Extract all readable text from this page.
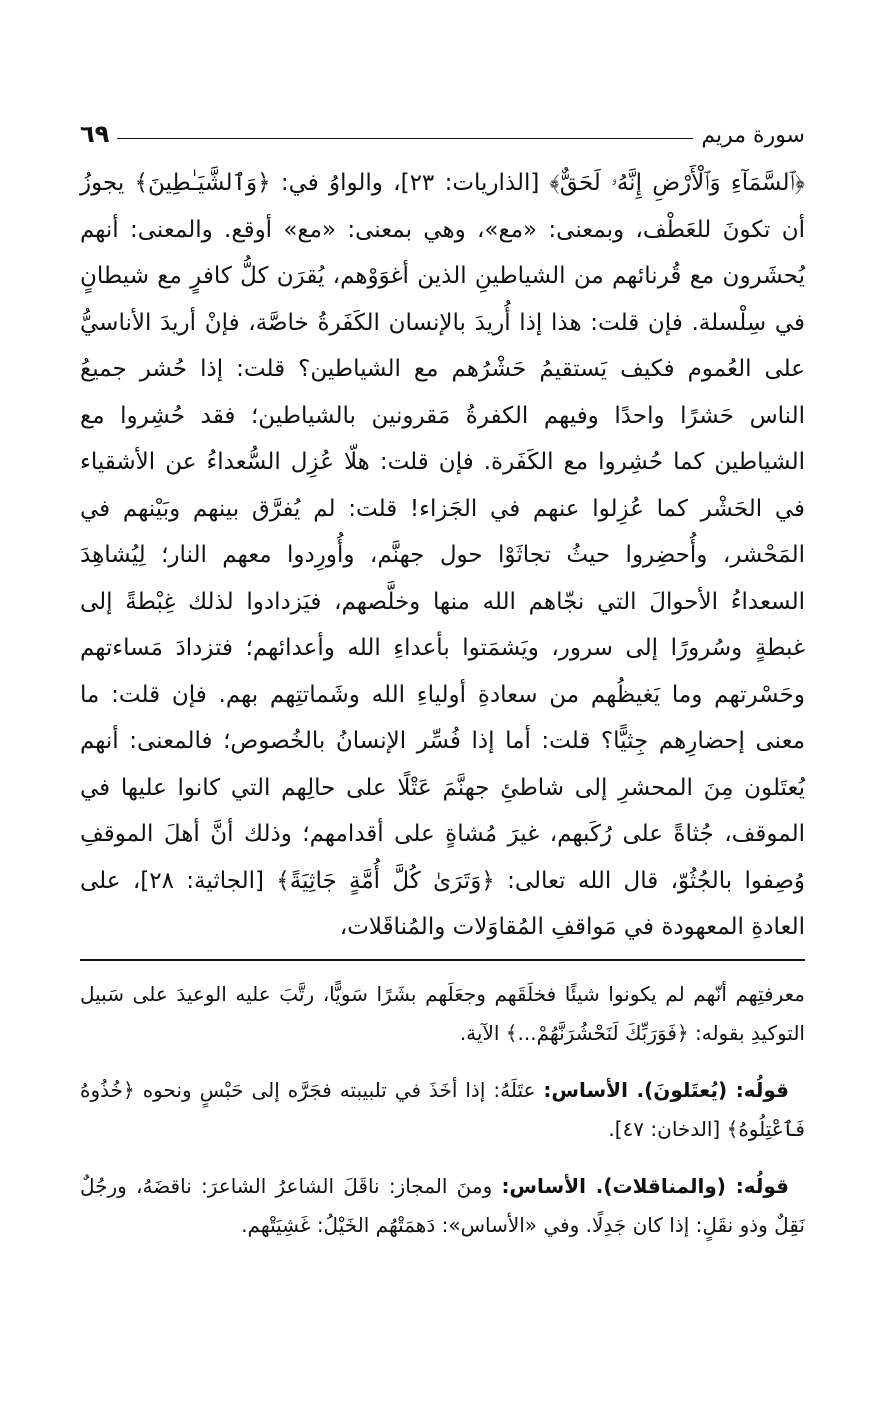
سورة مريم
٦٩
﴿ٱلسَّمَآءِ وَٱلْأَرْضِ إِنَّهُۥ لَحَقٌّ﴾ [الذاريات: ٢٣]، والواوُ في: ﴿وَٱلشَّيَـٰطِينَ﴾ يجوزُ أن تكونَ للعَطْف، وبمعنى: «مع»، وهي بمعنى: «مع» أوقع. والمعنى: أنهم يُحشَرون مع قُرنائهم من الشياطينِ الذين أغوَوْهم، يُقرَن كلُّ كافرٍ مع شيطانٍ في سِلْسلة. فإن قلت: هذا إذا أُريدَ بالإنسان الكَفَرةُ خاصَّة، فإنْ أريدَ الأناسيُّ على العُموم فكيف يَستقيمُ حَشْرُهم مع الشياطين؟ قلت: إذا حُشر جميعُ الناس حَشرًا واحدًا وفيهم الكفرةُ مَقرونين بالشياطين؛ فقد حُشِروا مع الشياطين كما حُشِروا مع الكَفَرة. فإن قلت: هلّا عُزِل السُّعداءُ عن الأشقياء في الحَشْر كما عُزِلوا عنهم في الجَزاء! قلت: لم يُفرَّق بينهم وبَيْنهم في المَحْشر، وأُحضِروا حيثُ تجاثَوْا حول جهنَّم، وأُورِدوا معهم النار؛ لِيُشاهِدَ السعداءُ الأحوالَ التي نجّاهم الله منها وخلَّصهم، فيَزدادوا لذلك غِبْطةً إلى غبطةٍ وسُرورًا إلى سرور، ويَشمَتوا بأعداءِ الله وأعدائهم؛ فتزدادَ مَساءتهم وحَسْرتهم وما يَغيظُهم من سعادةِ أولياءِ الله وشَماتتِهم بهم. فإن قلت: ما معنى إحضارِهم جِثيًّا؟ قلت: أما إذا فُسِّر الإنسانُ بالخُصوص؛ فالمعنى: أنهم يُعتَلون مِنَ المحشرِ إلى شاطئِ جهنَّمَ عَتْلًا على حالِهم التي كانوا عليها في الموقف، جُثاةً على رُكَبهم، غيرَ مُشاةٍ على أقدامهم؛ وذلك أنَّ أهلَ الموقفِ وُصِفوا بالجُثُوّ، قال الله تعالى: ﴿وَتَرَىٰ كُلَّ أُمَّةٍ جَاثِيَةً﴾ [الجاثية: ٢٨]، على العادةِ المعهودة في مَواقفِ المُقاوَلات والمُناقَلات،

معرفتِهم أنّهم لم يكونوا شيئًا فخلَقَهم وجعَلَهم بشَرًا سَويًّا، رتَّبَ عليه الوعيدَ على سَبيل التوكيدِ بقوله: ﴿فَوَرَبِّكَ لَنَحْشُرَنَّهُمْ...﴾ الآية.

قولُه: (يُعتَلونَ). الأساس: عتَلَهُ: إذا أخَذَ في تلبيبته فجَرَّه إلى حَبْسٍ ونحوه ﴿خُذُوهُ فَٱعْتِلُوهُ﴾ [الدخان: ٤٧].

قولُه: (والمناقلات). الأساس: ومنَ المجاز: ناقَلَ الشاعرُ الشاعرَ: ناقضَهُ، ورجُلٌ نَقِلٌ وذو نقَلٍ: إذا كان جَدِلًا. وفي «الأساس»: دَهمَتْهُم الخَيْلُ: غَشِيَتْهم.
